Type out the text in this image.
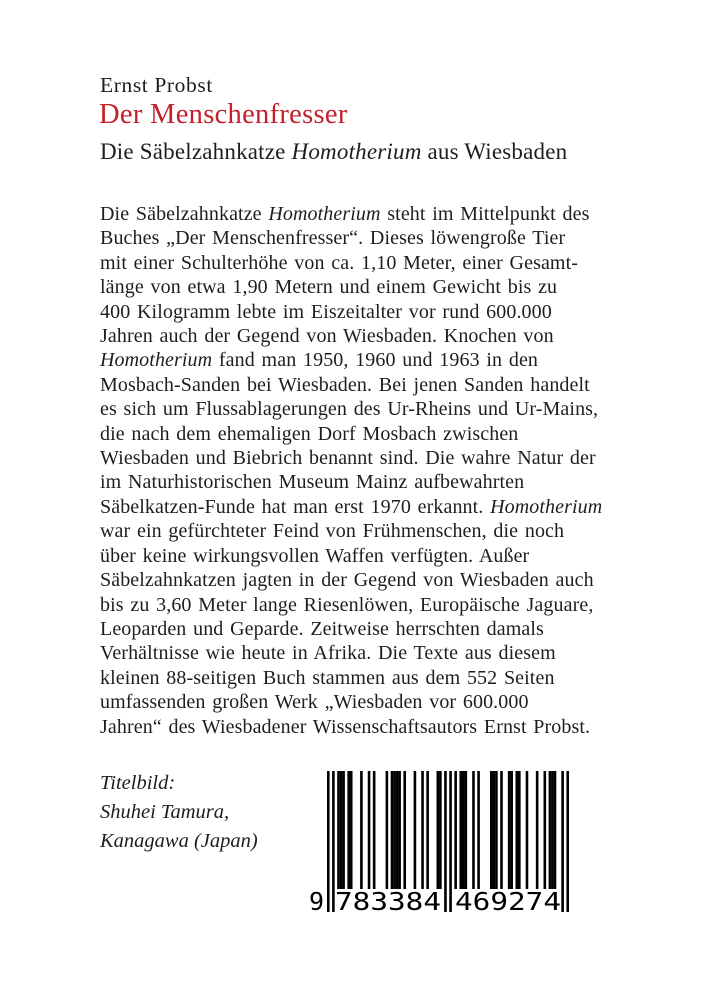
Ernst Probst
Der Menschenfresser
Die Säbelzahnkatze Homotherium aus Wiesbaden
Die Säbelzahnkatze Homotherium steht im Mittelpunkt des
Buches „Der Menschenfresser“. Dieses löwengroße Tier
mit einer Schulterhöhe von ca. 1,10 Meter, einer Gesamt-
länge von etwa 1,90 Metern und einem Gewicht bis zu
400 Kilogramm lebte im Eiszeitalter vor rund 600.000
Jahren auch der Gegend von Wiesbaden. Knochen von
Homotherium fand man 1950, 1960 und 1963 in den
Mosbach-Sanden bei Wiesbaden. Bei jenen Sanden handelt
es sich um Flussablagerungen des Ur-Rheins und Ur-Mains,
die nach dem ehemaligen Dorf Mosbach zwischen
Wiesbaden und Biebrich benannt sind. Die wahre Natur der
im Naturhistorischen Museum Mainz aufbewahrten
Säbelkatzen-Funde hat man erst 1970 erkannt. Homotherium
war ein gefürchteter Feind von Frühmenschen, die noch
über keine wirkungsvollen Waffen verfügten. Außer
Säbelzahnkatzen jagten in der Gegend von Wiesbaden auch
bis zu 3,60 Meter lange Riesenlöwen, Europäische Jaguare,
Leoparden und Geparde. Zeitweise herrschten damals
Verhältnisse wie heute in Afrika. Die Texte aus diesem
kleinen 88-seitigen Buch stammen aus dem 552 Seiten
umfassenden großen Werk „Wiesbaden vor 600.000
Jahren“ des Wiesbadener Wissenschaftsautors Ernst Probst.
Titelbild:
Shuhei Tamura,
Kanagawa (Japan)
9 783384 469274
